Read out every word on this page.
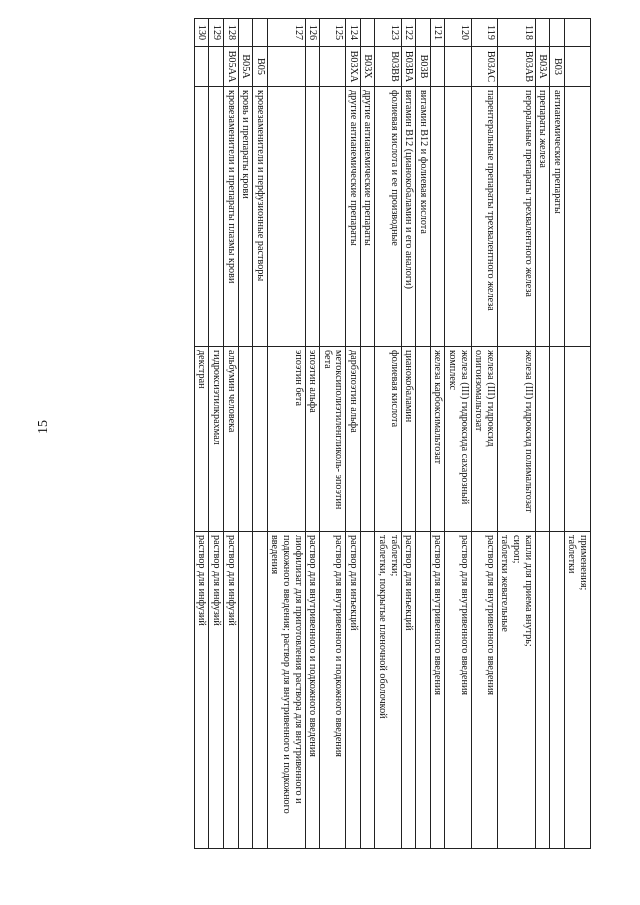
15
				применения;
таблетки
	B03	антианемические препараты		
	B03A	препараты железа		
118	B03AB	пероральные препараты трехвалентного железа	железа (III) гидроксид полимальтозат	капли для приема внутрь;
сироп;
таблетки жевательные
119	B03AC	парентеральные препараты трехвалентного железа	железа (III) гидроксид олигоизомальтозат	раствор для внутривенного введения
120			железа (III) гидроксида сахарозный комплекс	раствор для внутривенного введения
121			железа карбоксимальтозат	раствор для внутривенного введения
	B03B	витамин B12 и фолиевая кислота		
122	B03BA	витамин B12 (цианокобаламин и его аналоги)	цианокобаламин	раствор для инъекций
123	B03BB	фолиевая кислота и ее производные	фолиевая кислота	таблетки;
таблетки, покрытые пленочной оболочкой
	B03X	другие антианемические препараты		
124	B03XA	другие антианемические препараты	дарбэпоэтин альфа	раствор для инъекций
125			метоксиполиэтиленгликоль- эпоэтин бета	раствор для внутривенного и подкожного введения
126			эпоэтин альфа	раствор для внутривенного и подкожного введения
127			эпоэтин бета	лиофилизат для приготовления раствора для внутривенного и подкожного введения; раствор для внутривенного и подкожного введения
	B05	кровезаменители и перфузионные растворы		
	B05A	кровь и препараты крови		
128	B05AA	кровезаменители и препараты плазмы крови	альбумин человека	раствор для инфузий
129			гидроксиэтилкрахмал	раствор для инфузий
130			декстран	раствор для инфузий
